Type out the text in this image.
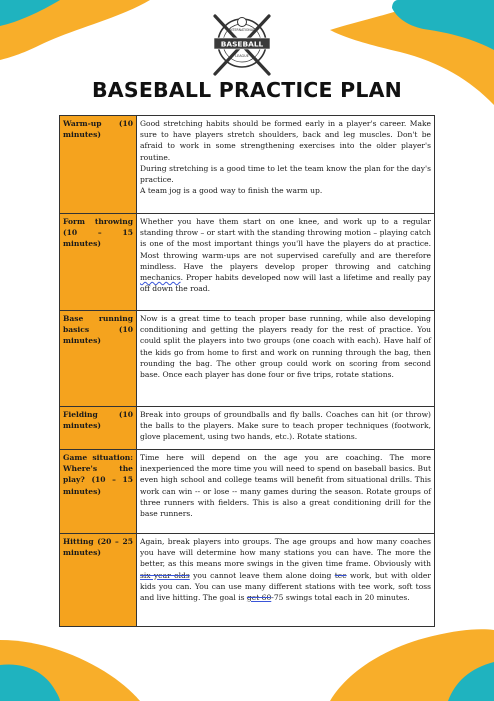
INTERNATIONAL
BASEBALL
LEAGUE
BASEBALL PRACTICE PLAN
Warm-up (10 minutes)	Good stretching habits should be formed early in a player's career. Make sure to have players stretch shoulders, back and leg muscles. Don't be afraid to work in some strengthening exercises into the older player's routine.
During stretching is a good time to let the team know the plan for the day's practice.
A team jog is a good way to finish the warm up.

Form throwing (10 – 15 minutes)	Whether you have them start on one knee, and work up to a regular standing throw – or start with the standing throwing motion – playing catch is one of the most important things you'll have the players do at practice. Most throwing warm-ups are not supervised carefully and are therefore mindless. Have the players develop proper throwing and catching mechanics. Proper habits developed now will last a lifetime and really pay off down the road.
Base running basics (10 minutes)	Now is a great time to teach proper base running, while also developing conditioning and getting the players ready for the rest of practice. You could split the players into two groups (one coach with each). Have half of the kids go from home to first and work on running through the bag, then rounding the bag. The other group could work on scoring from second base. Once each player has done four or five trips, rotate stations.
Fielding (10 minutes)	Break into groups of groundballs and fly balls. Coaches can hit (or throw) the balls to the players. Make sure to teach proper techniques (footwork, glove placement, using two hands, etc.). Rotate stations.
Game situation: Where's the play? (10 – 15 minutes)	Time here will depend on the age you are coaching. The more inexperienced the more time you will need to spend on baseball basics. But even high school and college teams will benefit from situational drills. This work can win -- or lose -- many games during the season. Rotate groups of three runners with fielders. This is also a great conditioning drill for the base runners.
Hitting (20 – 25 minutes)	Again, break players into groups. The age groups and how many coaches you have will determine how many stations you can have. The more the better, as this means more swings in the given time frame. Obviously with six year olds you cannot leave them alone doing tee work, but with older kids you can. You can use many different stations with tee work, soft toss and live hitting. The goal is get 60-75 swings total each in 20 minutes.
